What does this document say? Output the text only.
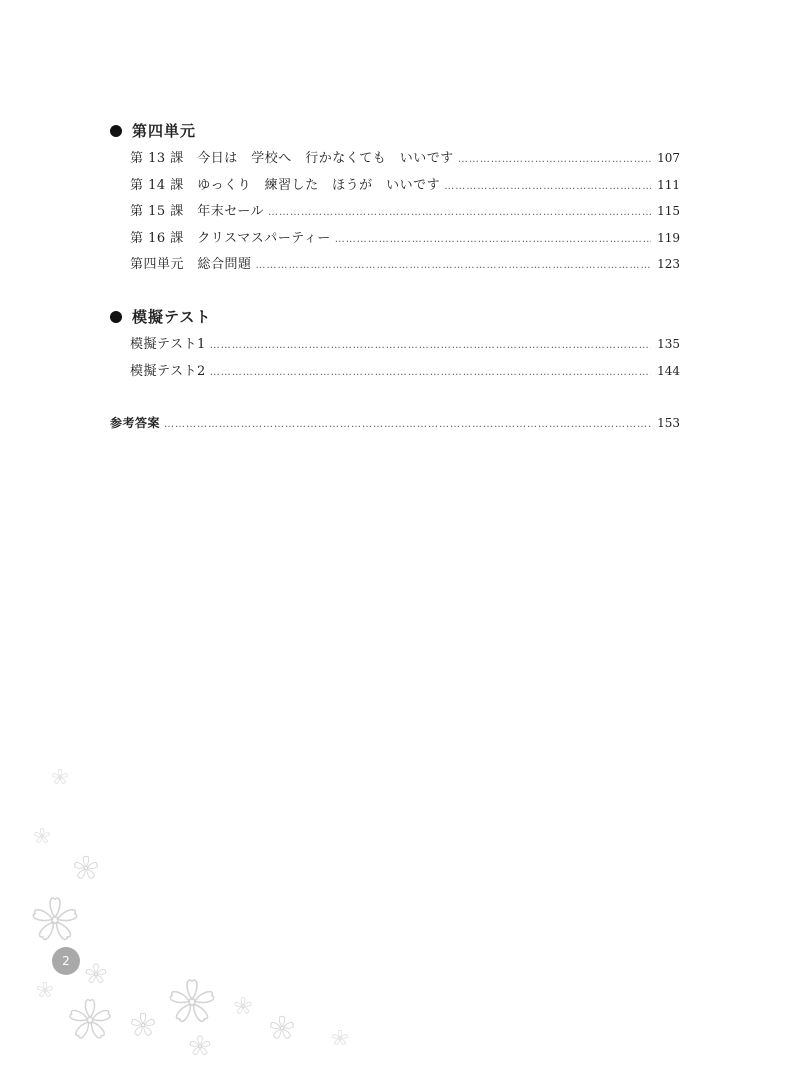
第四単元
第 13 課　今日は　学校へ　行かなくても　いいです …………………………………………………………………………………………………………………………………………………………………	107
第 14 課　ゆっくり　練習した　ほうが　いいです …………………………………………………………………………………………………………………………………………………………………	111
第 15 課　年末セール …………………………………………………………………………………………………………………………………………………………………	115
第 16 課　クリスマスパーティー …………………………………………………………………………………………………………………………………………………………………	119
第四単元　総合問題 …………………………………………………………………………………………………………………………………………………………………	123
模擬テスト
模擬テスト1 …………………………………………………………………………………………………………………………………………………………………	135
模擬テスト2 …………………………………………………………………………………………………………………………………………………………………	144
参考答案 …………………………………………………………………………………………………………………………………………………………………	153
2
